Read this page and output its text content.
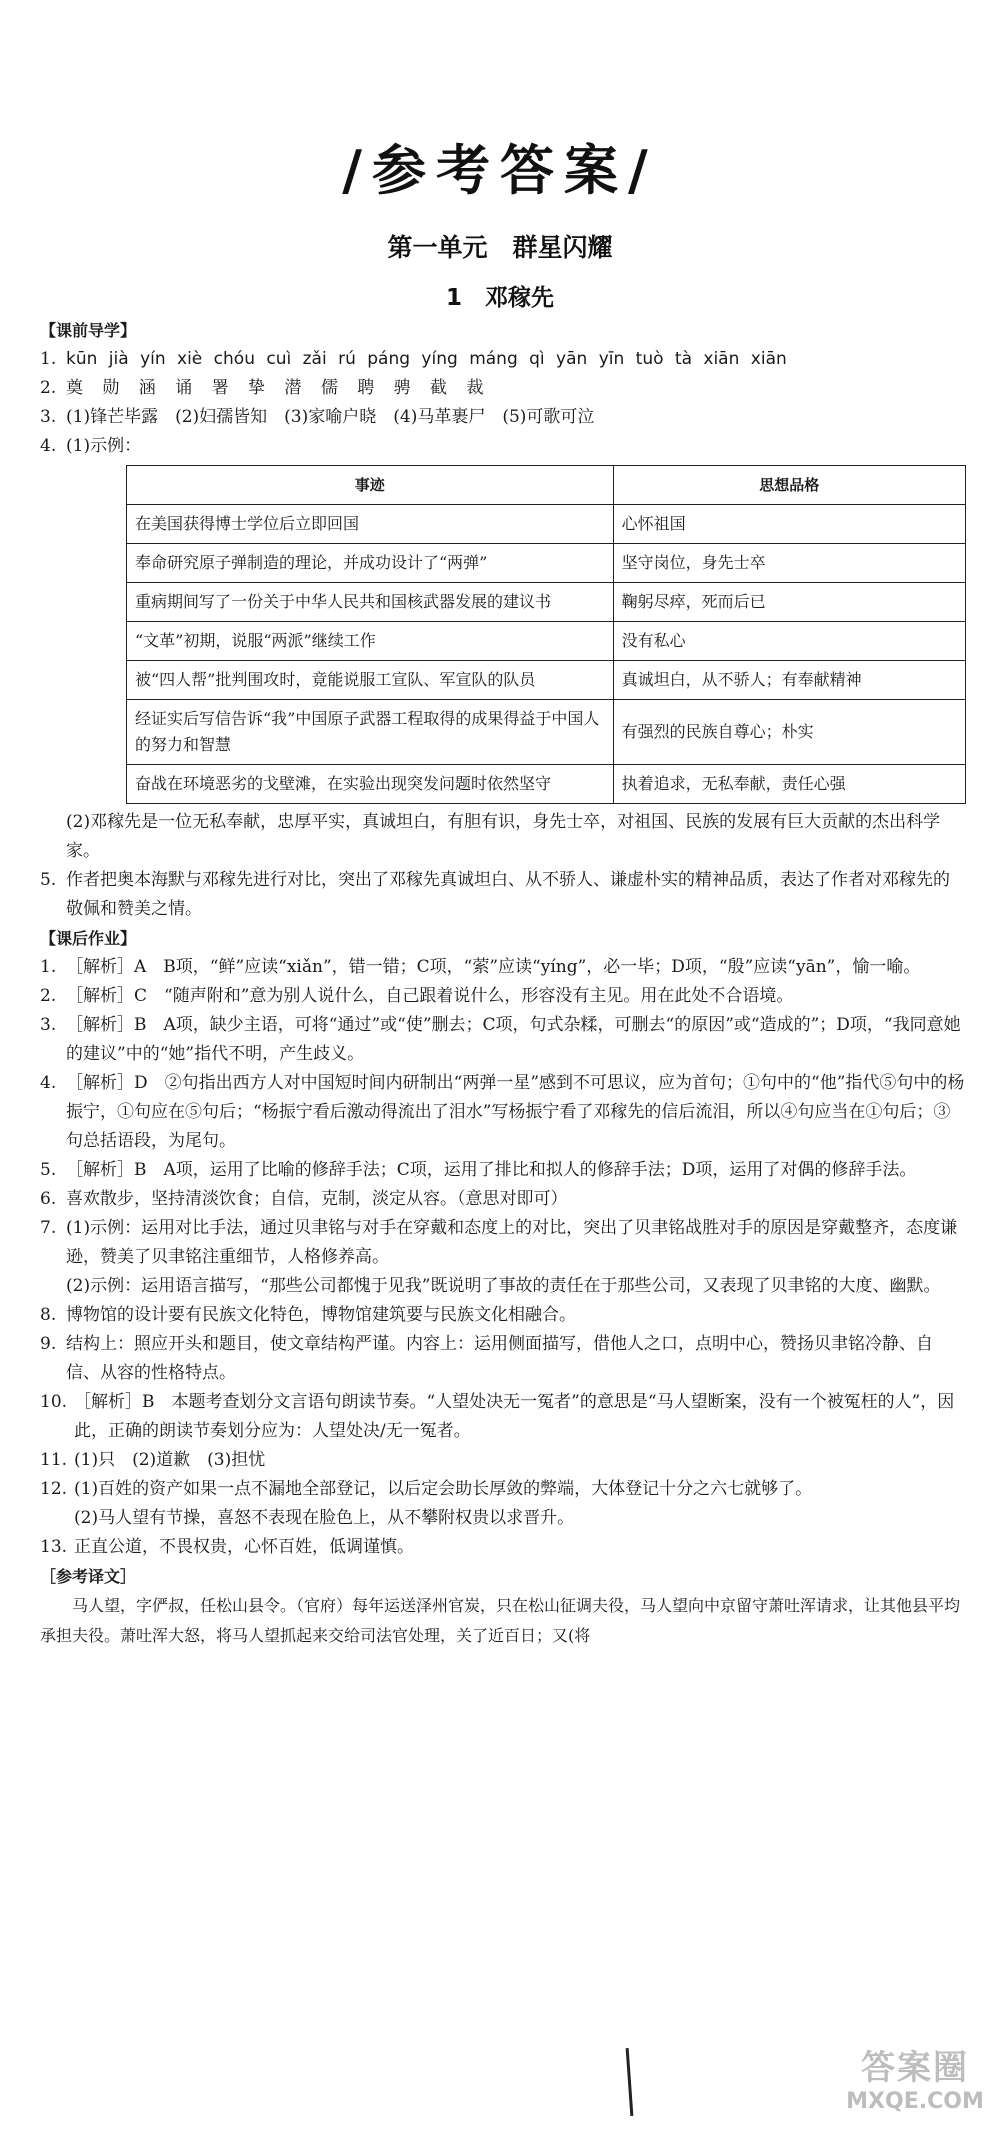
/参考答案/
第一单元　群星闪耀
1　邓稼先
【课前导学】
1. kūn jià yín xiè chóu cuì zǎi rú páng yíng máng qì yān yīn tuò tà xiān xiān
2. 奠 勋 涵 诵 署 挚 潜 儒 聘 骋 截 裁
3. (1)锋芒毕露　(2)妇孺皆知　(3)家喻户晓　(4)马革裹尸　(5)可歌可泣
4. (1)示例：
事迹	思想品格
在美国获得博士学位后立即回国	心怀祖国
奉命研究原子弹制造的理论，并成功设计了“两弹”	坚守岗位，身先士卒
重病期间写了一份关于中华人民共和国核武器发展的建议书	鞠躬尽瘁，死而后已
“文革”初期，说服“两派”继续工作	没有私心
被“四人帮”批判围攻时，竟能说服工宣队、军宣队的队员	真诚坦白，从不骄人；有奉献精神
经证实后写信告诉“我”中国原子武器工程取得的成果得益于中国人的努力和智慧	有强烈的民族自尊心；朴实
奋战在环境恶劣的戈壁滩，在实验出现突发问题时依然坚守	执着追求，无私奉献，责任心强
(2)邓稼先是一位无私奉献，忠厚平实，真诚坦白，有胆有识，身先士卒，对祖国、民族的发展有巨大贡献的杰出科学家。
5. 作者把奥本海默与邓稼先进行对比，突出了邓稼先真诚坦白、从不骄人、谦虚朴实的精神品质，表达了作者对邓稼先的敬佩和赞美之情。
【课后作业】
1. ［解析］A　B项，“鲜”应读“xiǎn”，错一错；C项，“萦”应读“yíng”，必一毕；D项，“殷”应读“yān”，愉一喻。
2. ［解析］C　“随声附和”意为别人说什么，自己跟着说什么，形容没有主见。用在此处不合语境。
3. ［解析］B　A项，缺少主语，可将“通过”或“使”删去；C项，句式杂糅，可删去“的原因”或“造成的”；D项，“我同意她的建议”中的“她”指代不明，产生歧义。
4. ［解析］D　②句指出西方人对中国短时间内研制出“两弹一星”感到不可思议，应为首句；①句中的“他”指代⑤句中的杨振宁，①句应在⑤句后；“杨振宁看后激动得流出了泪水”写杨振宁看了邓稼先的信后流泪，所以④句应当在①句后；③句总括语段，为尾句。
5. ［解析］B　A项，运用了比喻的修辞手法；C项，运用了排比和拟人的修辞手法；D项，运用了对偶的修辞手法。
6. 喜欢散步，坚持清淡饮食；自信，克制，淡定从容。（意思对即可）
7. (1)示例：运用对比手法，通过贝聿铭与对手在穿戴和态度上的对比，突出了贝聿铭战胜对手的原因是穿戴整齐，态度谦逊，赞美了贝聿铭注重细节，人格修养高。
(2)示例：运用语言描写，“那些公司都愧于见我”既说明了事故的责任在于那些公司，又表现了贝聿铭的大度、幽默。
8. 博物馆的设计要有民族文化特色，博物馆建筑要与民族文化相融合。
9. 结构上：照应开头和题目，使文章结构严谨。内容上：运用侧面描写，借他人之口，点明中心，赞扬贝聿铭冷静、自信、从容的性格特点。
10. ［解析］B　本题考查划分文言语句朗读节奏。“人望处决无一冤者”的意思是“马人望断案，没有一个被冤枉的人”，因此，正确的朗读节奏划分应为：人望处决/无一冤者。
11. (1)只　(2)道歉　(3)担忧
12. (1)百姓的资产如果一点不漏地全部登记，以后定会助长厚敛的弊端，大体登记十分之六七就够了。
(2)马人望有节操，喜怒不表现在脸色上，从不攀附权贵以求晋升。
13. 正直公道，不畏权贵，心怀百姓，低调谨慎。
［参考译文］
马人望，字俨叔，任松山县令。（官府）每年运送泽州官炭，只在松山征调夫役，马人望向中京留守萧吐浑请求，让其他县平均承担夫役。萧吐浑大怒，将马人望抓起来交给司法官处理，关了近百日；又(将
答案圈
MXQE.COM
